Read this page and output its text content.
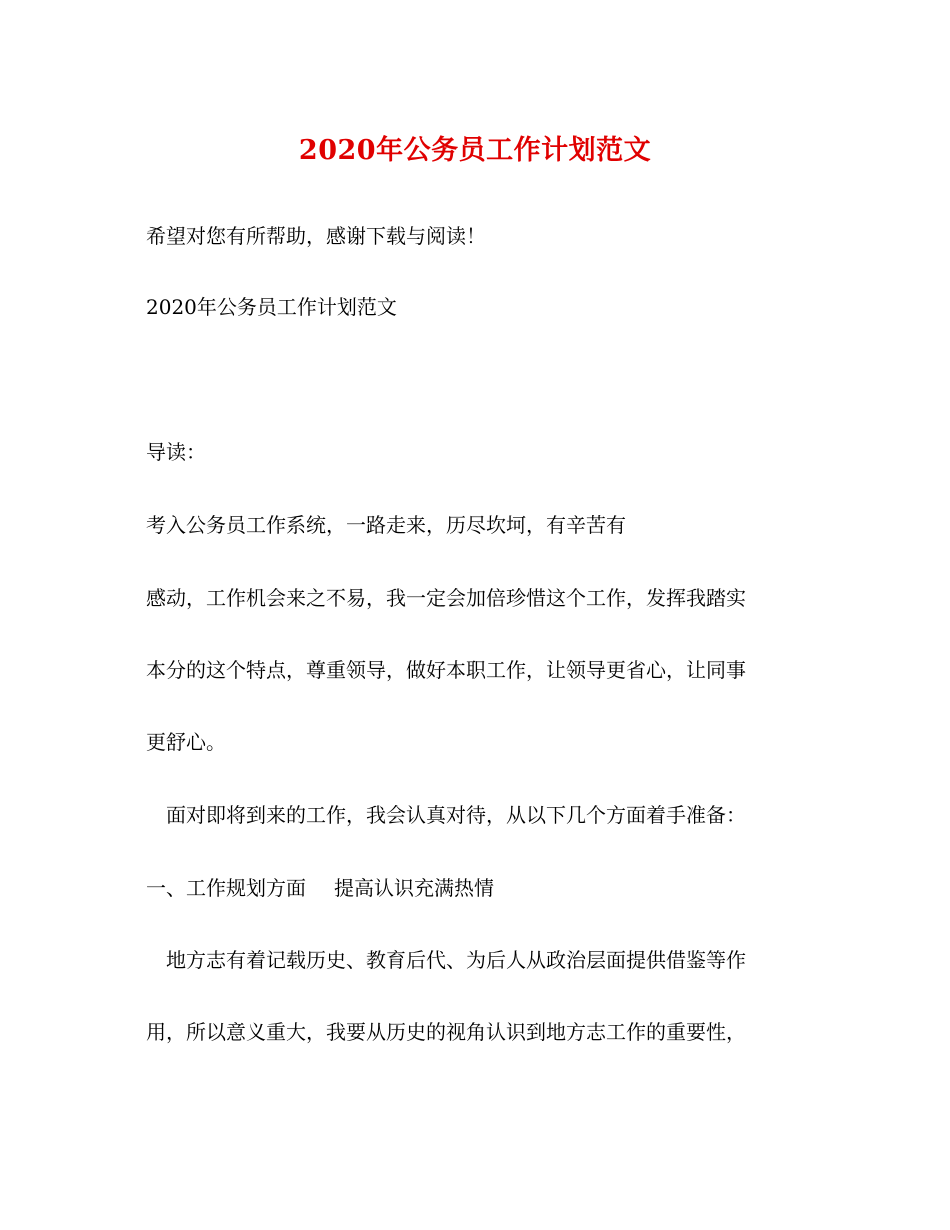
2020年公务员工作计划范文
希望对您有所帮助，感谢下载与阅读！
2020年公务员工作计划范文
导读：
考入公务员工作系统，一路走来，历尽坎坷，有辛苦有
感动，工作机会来之不易，我一定会加倍珍惜这个工作，发挥我踏实
本分的这个特点，尊重领导，做好本职工作，让领导更省心，让同事
更舒心。
面对即将到来的工作，我会认真对待，从以下几个方面着手准备：
一、工作规划方面 提高认识充满热情
地方志有着记载历史、教育后代、为后人从政治层面提供借鉴等作
用，所以意义重大，我要从历史的视角认识到地方志工作的重要性，
